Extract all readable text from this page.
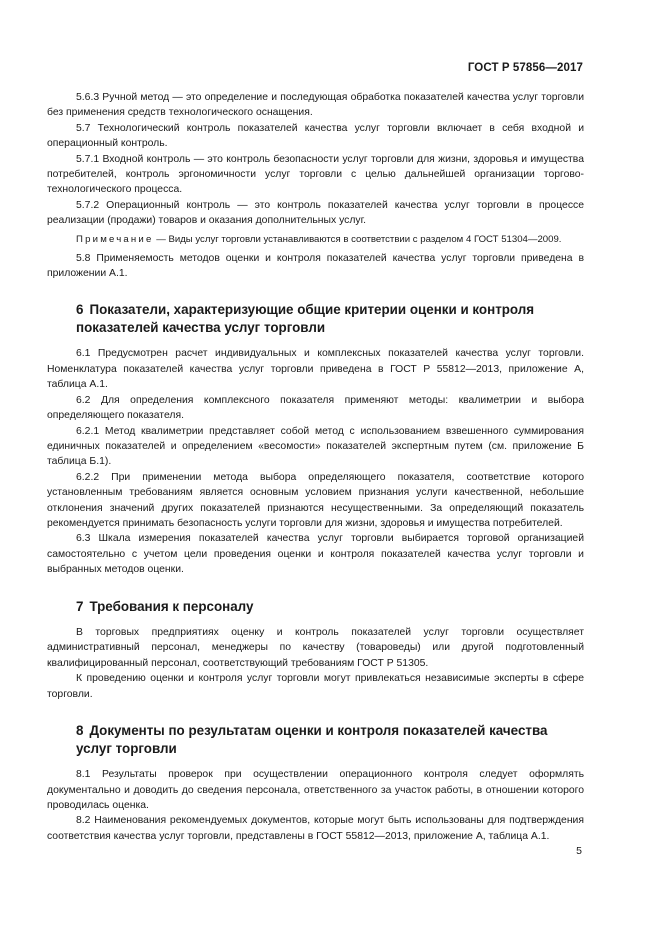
ГОСТ Р 57856—2017

5.6.3 Ручной метод — это определение и последующая обработка показателей качества услуг торговли без применения средств технологического оснащения.

5.7 Технологический контроль показателей качества услуг торговли включает в себя входной и операционный контроль.

5.7.1 Входной контроль — это контроль безопасности услуг торговли для жизни, здоровья и имущества потребителей, контроль эргономичности услуг торговли с целью дальнейшей организации торгово-технологического процесса.

5.7.2 Операционный контроль — это контроль показателей качества услуг торговли в процессе реализации (продажи) товаров и оказания дополнительных услуг.

Примечание — Виды услуг торговли устанавливаются в соответствии с разделом 4 ГОСТ 51304—2009.

5.8 Применяемость методов оценки и контроля показателей качества услуг торговли приведена в приложении А.1.

6 Показатели, характеризующие общие критерии оценки и контроля
показателей качества услуг торговли

6.1 Предусмотрен расчет индивидуальных и комплексных показателей качества услуг торговли. Номенклатура показателей качества услуг торговли приведена в ГОСТ Р 55812—2013, приложение А, таблица А.1.

6.2 Для определения комплексного показателя применяют методы: квалиметрии и выбора определяющего показателя.

6.2.1 Метод квалиметрии представляет собой метод с использованием взвешенного суммирования единичных показателей и определением «весомости» показателей экспертным путем (см. приложение Б таблица Б.1).

6.2.2 При применении метода выбора определяющего показателя, соответствие которого установленным требованиям является основным условием признания услуги качественной, небольшие отклонения значений других показателей признаются несущественными. За определяющий показатель рекомендуется принимать безопасность услуги торговли для жизни, здоровья и имущества потребителей.

6.3 Шкала измерения показателей качества услуг торговли выбирается торговой организацией самостоятельно с учетом цели проведения оценки и контроля показателей качества услуг торговли и выбранных методов оценки.

7 Требования к персоналу

В торговых предприятиях оценку и контроль показателей услуг торговли осуществляет административный персонал, менеджеры по качеству (товароведы) или другой подготовленный квалифицированный персонал, соответствующий требованиям ГОСТ Р 51305.

К проведению оценки и контроля услуг торговли могут привлекаться независимые эксперты в сфере торговли.

8 Документы по результатам оценки и контроля показателей качества
услуг торговли

8.1 Результаты проверок при осуществлении операционного контроля следует оформлять документально и доводить до сведения персонала, ответственного за участок работы, в отношении которого проводилась оценка.

8.2 Наименования рекомендуемых документов, которые могут быть использованы для подтверждения соответствия качества услуг торговли, представлены в ГОСТ 55812—2013, приложение А, таблица А.1.

5
